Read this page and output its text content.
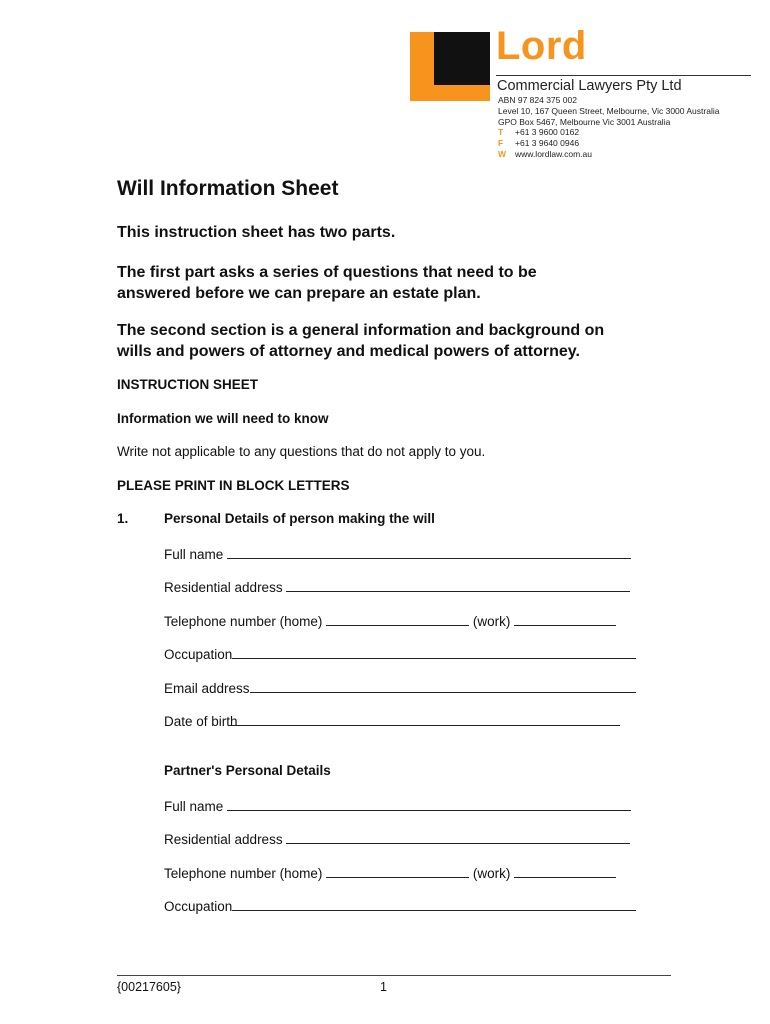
Lord
Commercial Lawyers Pty Ltd
ABN 97 824 375 002
Level 10, 167 Queen Street, Melbourne, Vic 3000 Australia
GPO Box 5467, Melbourne Vic 3001 Australia
T +61 3 9600 0162
F +61 3 9640 0946
W www.lordlaw.com.au
Will Information Sheet
This instruction sheet has two parts.
The first part asks a series of questions that need to be
answered before we can prepare an estate plan.
The second section is a general information and background on
wills and powers of attorney and medical powers of attorney.
INSTRUCTION SHEET
Information we will need to know
Write not applicable to any questions that do not apply to you.
PLEASE PRINT IN BLOCK LETTERS
1.	Personal Details of person making the will
Full name
Residential address
Telephone number (home)	(work)
Occupation
Email address
Date of birth
Partner's Personal Details
Full name
Residential address
Telephone number (home)	(work)
Occupation
{00217605}	1
